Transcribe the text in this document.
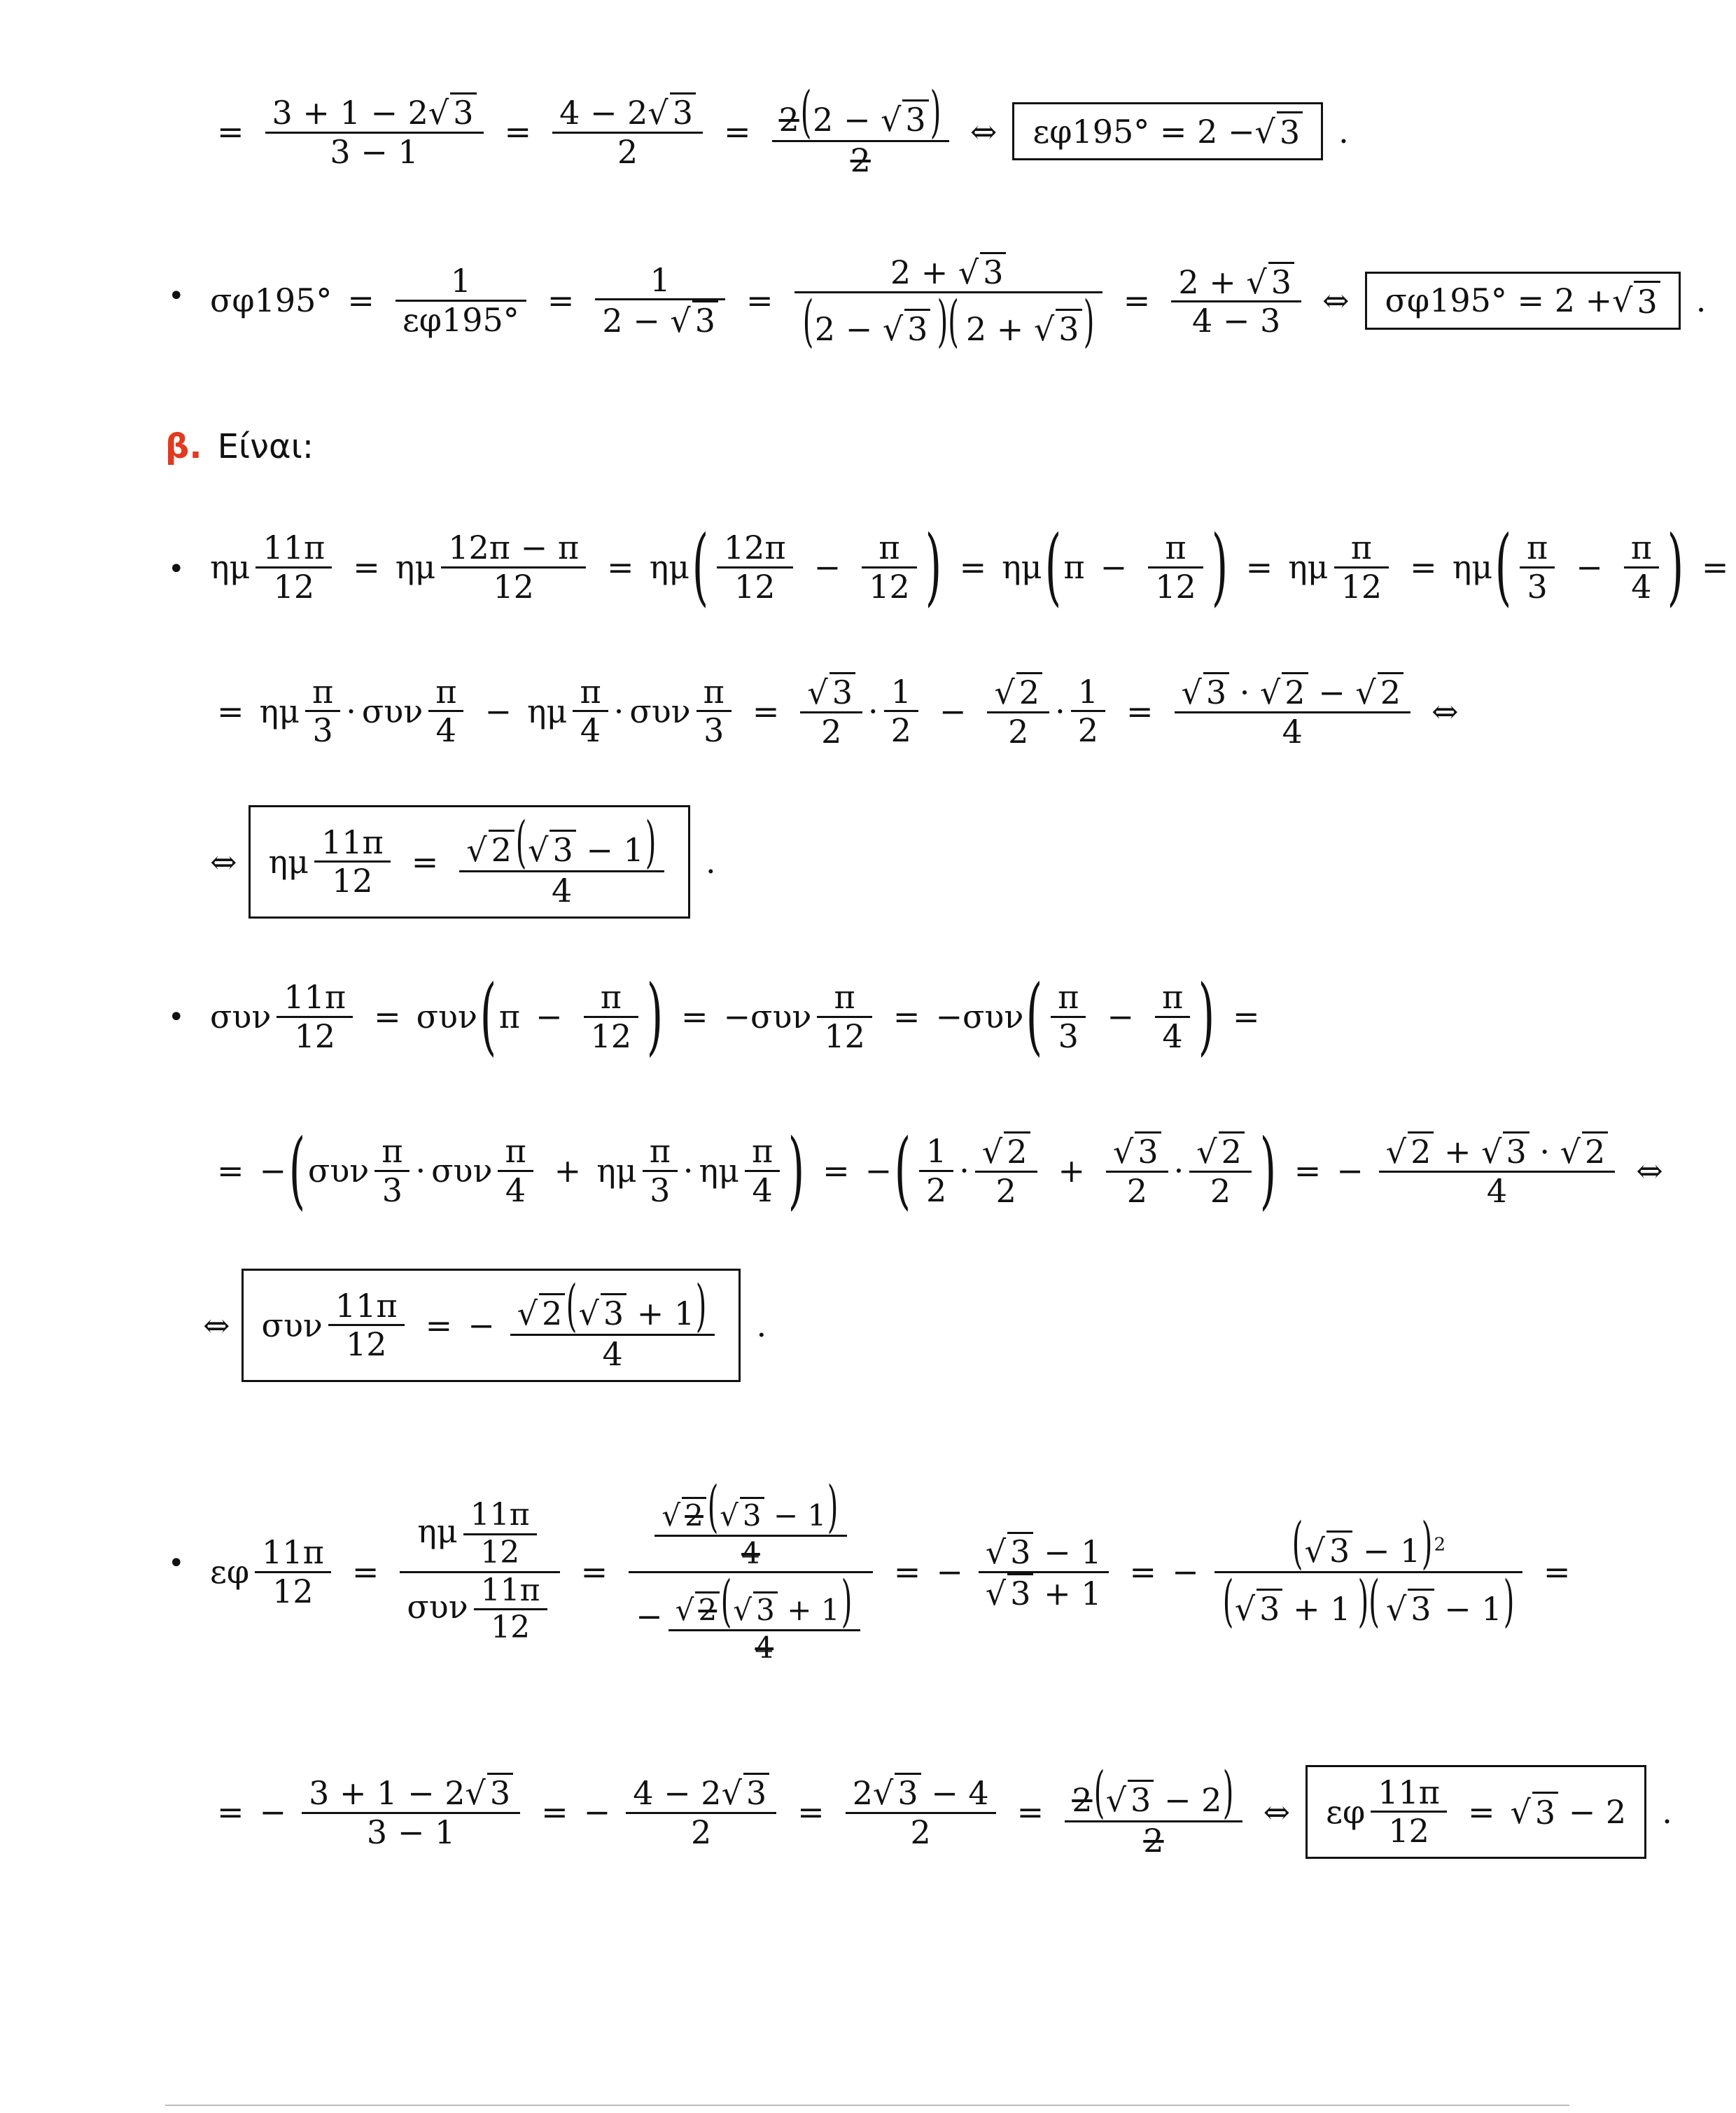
= $\frac{3 + 1 - 2√ 3}{3 - 1} = \frac{4 - 2√ 3}{2} = \frac{2(2 - √ 3)}{2}$ ⇔ εφ195° = 2 − √ 3 .
• $\sigma\varphi 195^\circ = \frac{1}{\varepsilon\varphi 195^\circ} = \frac{1}{2 - √ 3} = \frac{2 + √ 3}{(2 - √ 3 )( 2 + √ 3)} = \frac{2 + √ 3}{4 - 3}$ ⇔ σφ195° = 2 + √ 3 .
β. Είναι:
• ημ $\frac{11\pi}{12} = \eta\mu \frac{12\pi - \pi}{12} = \eta\mu$ ( $\frac{12\pi}{12} - \frac{\pi}{12}$ ) = ημ ( $\pi - \frac{\pi}{12}$ ) = ημ $\frac{\pi}{12} = \eta\mu$ ( $\frac{\pi}{3} - \frac{\pi}{4}$ ) =
= ημ $\frac{\pi}{3} \cdot \sigma\upsilon\nu \frac{\pi}{4} - \eta\mu \frac{\pi}{4} \cdot \sigma\upsilon\nu \frac{\pi}{3} = \frac{√ 3}{2} \cdot \frac{1}{2} - \frac{√ 2}{2} \cdot \frac{1}{2} = \frac{√ 3 \cdot √ 2 - √ 2}{4}$ ⇔
⇔ ημ $\frac{11\pi}{12} = \frac{√ 2(√ 3 - 1)}{4}$ .
• συν $\frac{11\pi}{12} = \sigma\upsilon\nu$ ( $\pi - \frac{\pi}{12}$ ) = − συν $\frac{\pi}{12}$ = − συν ( $\frac{\pi}{3} - \frac{\pi}{4}$ ) =
= − ( συν $\frac{\pi}{3} \cdot \sigma\upsilon\nu \frac{\pi}{4} + \eta\mu \frac{\pi}{3} \cdot \eta\mu \frac{\pi}{4}$ ) = − ( $\frac{1}{2} \cdot \frac{√ 2}{2} + \frac{√ 3}{2} \cdot \frac{√ 2}{2}$ ) = − $\frac{√ 2 + √ 3 \cdot √ 2}{4}$ ⇔
⇔ συν $\frac{11\pi}{12}$ = − $\frac{√ 2(√ 3 + 1)}{4}$ .
• εφ $\frac{11\pi}{12} = \frac{\eta\mu \frac{11\pi}{12}}{\sigma\upsilon\nu \frac{11\pi}{12}} = \frac{\frac{√ 2(√ 3 - 1)}{4}}{- \frac{√ 2(√ 3 + 1)}{4}}$ = − $\frac{√ 3 - 1}{√ 3 + 1}$ = − $\frac{(√ 3 - 1)^2}{(√ 3 + 1 )( √ 3 - 1)}$ =
= − $\frac{3 + 1 - 2√ 3}{3 - 1}$ = − $\frac{4 - 2√ 3}{2} = \frac{2√ 3 - 4}{2} = \frac{2(√ 3 - 2)}{2}$ ⇔ εφ $\frac{11\pi}{12}$ = √ 3
−
2 .
